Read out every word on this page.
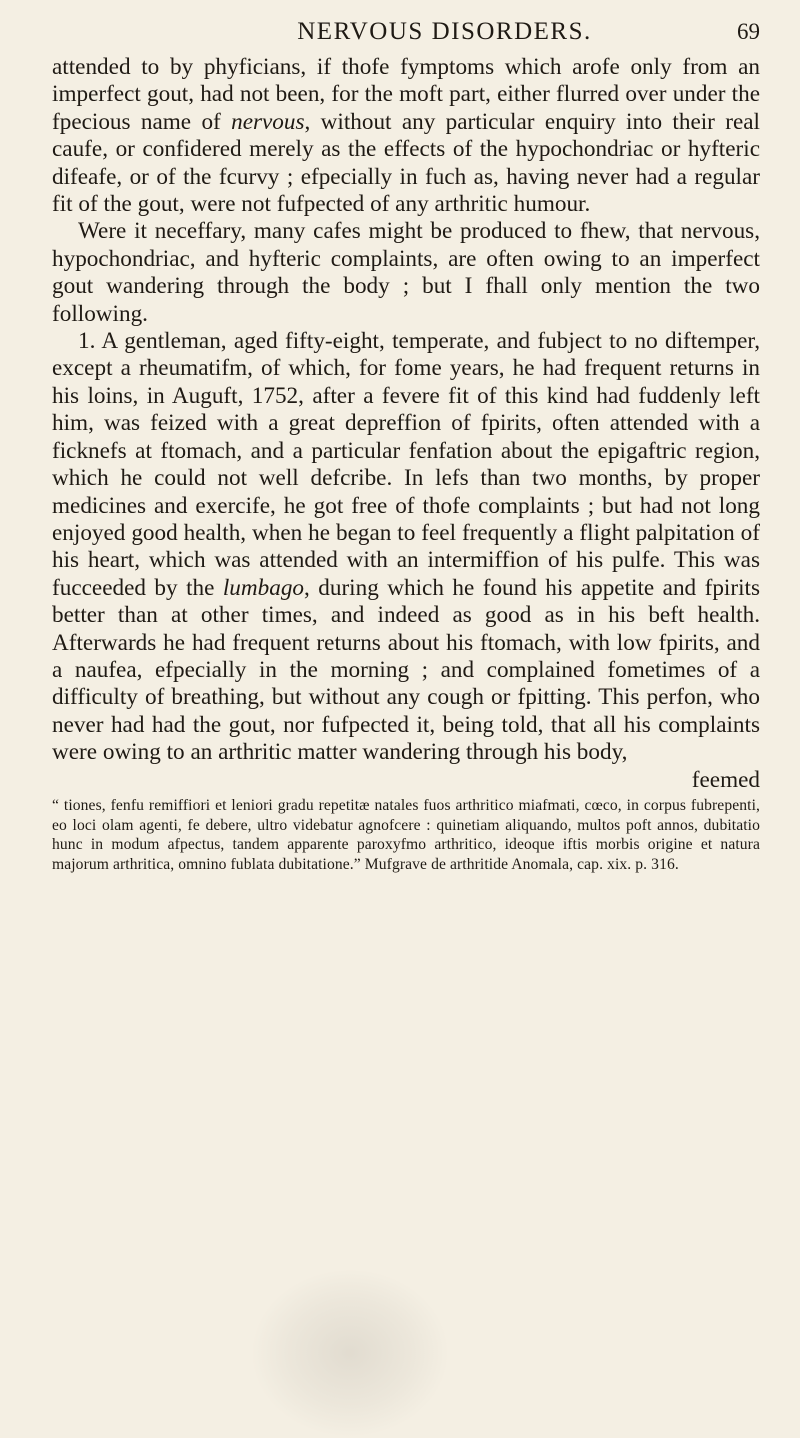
NERVOUS DISORDERS.	69

attended to by phyficians, if thofe fymptoms which arofe only from an imperfect gout, had not been, for the moft part, either flurred over under the fpecious name of nervous, without any particular enquiry into their real caufe, or confidered merely as the effects of the hypochondriac or hyfteric difeafe, or of the fcurvy ; efpecially in fuch as, having never had a regular fit of the gout, were not fufpected of any arthritic humour.

Were it neceffary, many cafes might be produced to fhew, that nervous, hypochondriac, and hyfteric complaints, are often owing to an imperfect gout wandering through the body ; but I fhall only mention the two following.

1. A gentleman, aged fifty-eight, temperate, and fubject to no diftemper, except a rheumatifm, of which, for fome years, he had frequent returns in his loins, in Auguft, 1752, after a fevere fit of this kind had fuddenly left him, was feized with a great depreffion of fpirits, often attended with a ficknefs at ftomach, and a particular fenfation about the epigaftric region, which he could not well defcribe. In lefs than two months, by proper medicines and exercife, he got free of thofe complaints ; but had not long enjoyed good health, when he began to feel frequently a flight palpitation of his heart, which was attended with an intermiffion of his pulfe. This was fucceeded by the lumbago, during which he found his appetite and fpirits better than at other times, and indeed as good as in his beft health. Afterwards he had frequent returns about his ftomach, with low fpirits, and a naufea, efpecially in the morning ; and complained fometimes of a difficulty of breathing, but without any cough or fpitting. This perfon, who never had had the gout, nor fufpected it, being told, that all his complaints were owing to an arthritic matter wandering through his body,

feemed

“ tiones, fenfu remiffiori et leniori gradu repetitæ natales fuos arthritico miafmati, cœco, in corpus fubrepenti, eo loci olam agenti, fe debere, ultro videbatur agnofcere : quinetiam aliquando, multos poft annos, dubitatio hunc in modum afpectus, tandem apparente paroxyfmo arthritico, ideoque iftis morbis origine et natura majorum arthritica, omnino fublata dubitatione.” Mufgrave de arthritide Anomala, cap. xix. p. 316.
